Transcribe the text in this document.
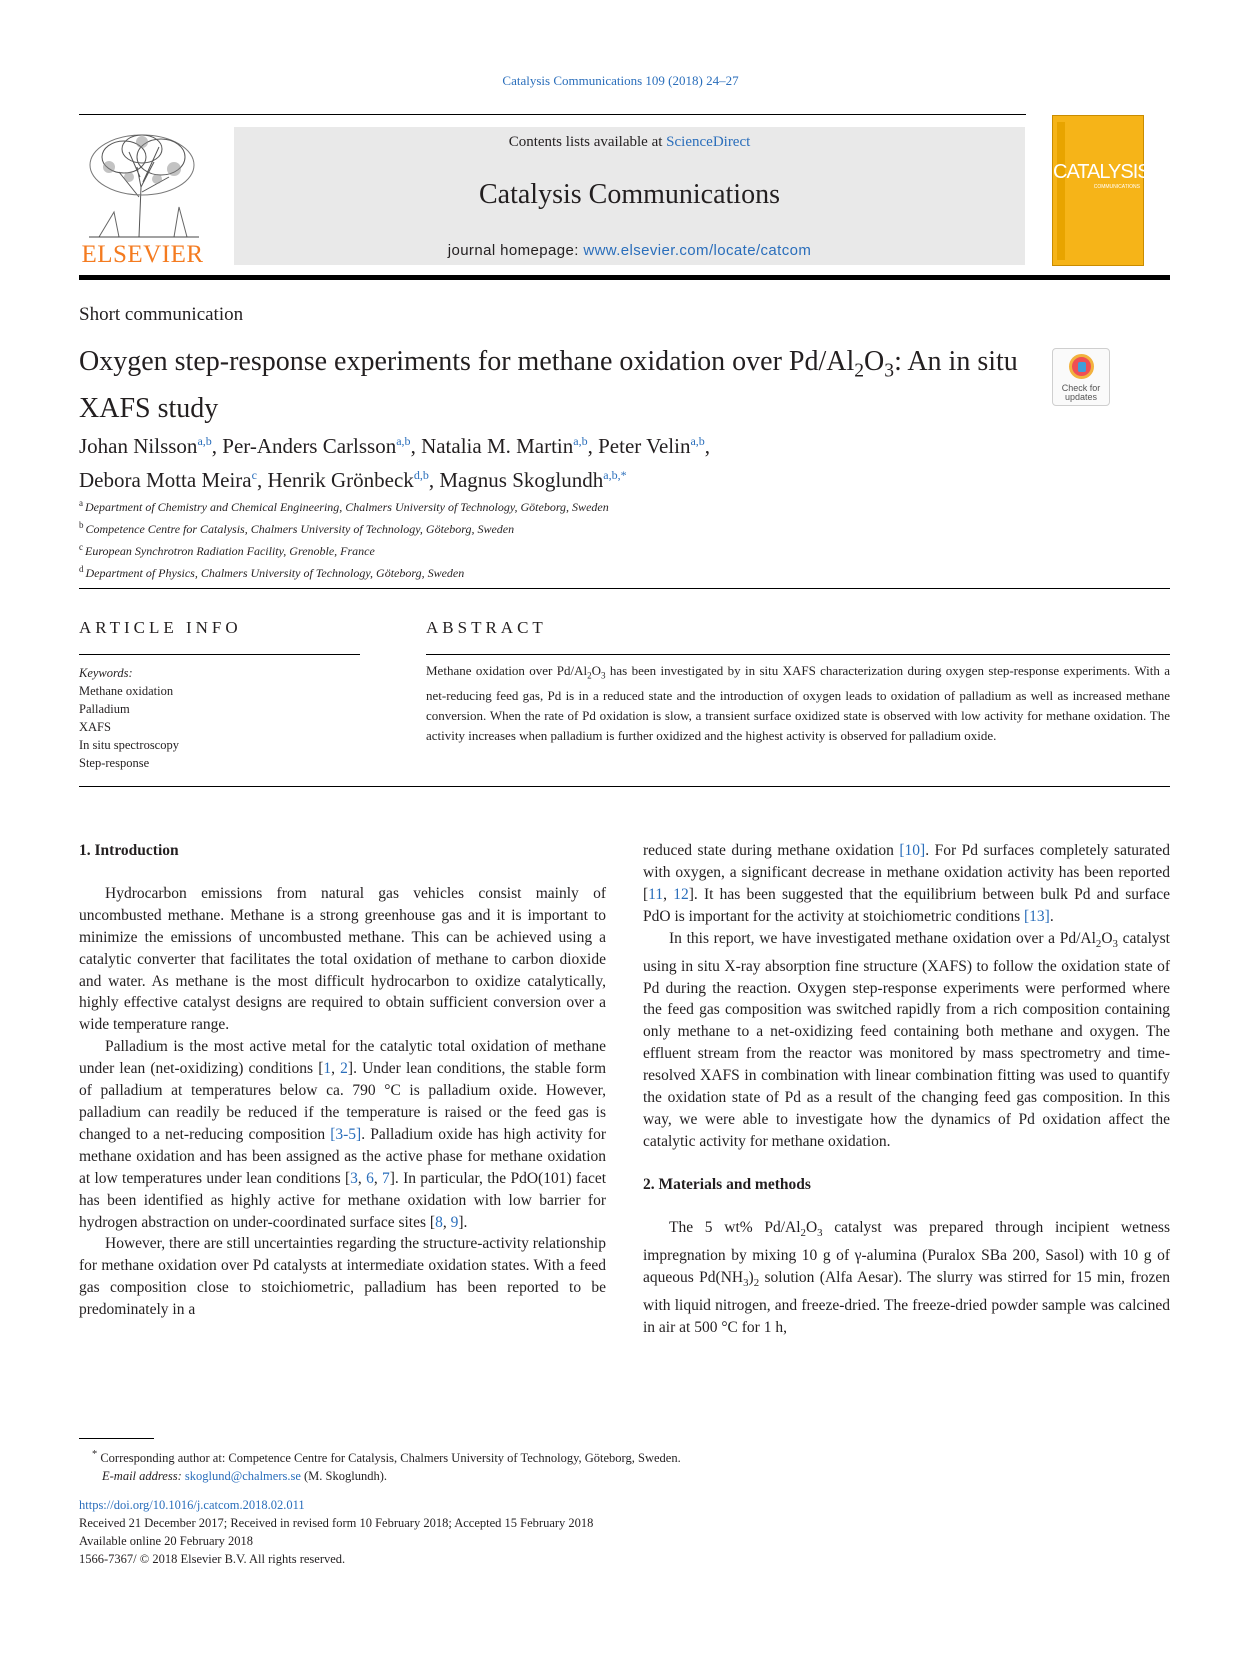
Catalysis Communications 109 (2018) 24–27
ELSEVIER
Contents lists available at ScienceDirect
Catalysis Communications
journal homepage: www.elsevier.com/locate/catcom
CATALYSIS
COMMUNICATIONS
Short communication
Oxygen step-response experiments for methane oxidation over $Pd/Al_2O_3$: An in situ XAFS study
Check for updates
Johan Nilsson$^{a,b}$, Per-Anders Carlsson$^{a,b}$, Natalia M. Martin$^{a,b}$, Peter Velin$^{a,b}$,
Debora Motta Meira$^c$, Henrik Grönbeck$^{d,b}$, Magnus Skoglundh$^{a,b,*}$
$^a$ Department of Chemistry and Chemical Engineering, Chalmers University of Technology, Göteborg, Sweden
$^b$ Competence Centre for Catalysis, Chalmers University of Technology, Göteborg, Sweden
$^c$ European Synchrotron Radiation Facility, Grenoble, France
$^d$ Department of Physics, Chalmers University of Technology, Göteborg, Sweden
ARTICLE INFO
Keywords:
Methane oxidation
Palladium
XAFS
In situ spectroscopy
Step-response
ABSTRACT
Methane oxidation over $Pd/Al_2O_3$ has been investigated by in situ XAFS characterization during oxygen step-response experiments. With a net-reducing feed gas, Pd is in a reduced state and the introduction of oxygen leads to oxidation of palladium as well as increased methane conversion. When the rate of Pd oxidation is slow, a transient surface oxidized state is observed with low activity for methane oxidation. The activity increases when palladium is further oxidized and the highest activity is observed for palladium oxide.
1. Introduction

Hydrocarbon emissions from natural gas vehicles consist mainly of uncombusted methane. Methane is a strong greenhouse gas and it is important to minimize the emissions of uncombusted methane. This can be achieved using a catalytic converter that facilitates the total oxidation of methane to carbon dioxide and water. As methane is the most difficult hydrocarbon to oxidize catalytically, highly effective catalyst designs are required to obtain sufficient conversion over a wide temperature range.

Palladium is the most active metal for the catalytic total oxidation of methane under lean (net-oxidizing) conditions [1, 2]. Under lean conditions, the stable form of palladium at temperatures below ca. 790 °C is palladium oxide. However, palladium can readily be reduced if the temperature is raised or the feed gas is changed to a net-reducing composition [3-5]. Palladium oxide has high activity for methane oxidation and has been assigned as the active phase for methane oxidation at low temperatures under lean conditions [3, 6, 7]. In particular, the PdO(101) facet has been identified as highly active for methane oxidation with low barrier for hydrogen abstraction on under-coordinated surface sites [8, 9].

However, there are still uncertainties regarding the structure-activity relationship for methane oxidation over Pd catalysts at intermediate oxidation states. With a feed gas composition close to stoichiometric, palladium has been reported to be predominately in a

reduced state during methane oxidation [10]. For Pd surfaces completely saturated with oxygen, a significant decrease in methane oxidation activity has been reported [11, 12]. It has been suggested that the equilibrium between bulk Pd and surface PdO is important for the activity at stoichiometric conditions [13].

In this report, we have investigated methane oxidation over a $Pd/Al_2O_3$ catalyst using in situ X-ray absorption fine structure (XAFS) to follow the oxidation state of Pd during the reaction. Oxygen step-response experiments were performed where the feed gas composition was switched rapidly from a rich composition containing only methane to a net-oxidizing feed containing both methane and oxygen. The effluent stream from the reactor was monitored by mass spectrometry and time-resolved XAFS in combination with linear combination fitting was used to quantify the oxidation state of Pd as a result of the changing feed gas composition. In this way, we were able to investigate how the dynamics of Pd oxidation affect the catalytic activity for methane oxidation.

2. Materials and methods

The 5 wt% $Pd/Al_2O_3$ catalyst was prepared through incipient wetness impregnation by mixing 10 g of γ-alumina (Puralox SBa 200, Sasol) with 10 g of aqueous $Pd(NH_3)_2$ solution (Alfa Aesar). The slurry was stirred for 15 min, frozen with liquid nitrogen, and freeze-dried. The freeze-dried powder sample was calcined in air at 500 °C for 1 h,

* Corresponding author at: Competence Centre for Catalysis, Chalmers University of Technology, Göteborg, Sweden.
E-mail address: skoglund@chalmers.se (M. Skoglundh).
https://doi.org/10.1016/j.catcom.2018.02.011
Received 21 December 2017; Received in revised form 10 February 2018; Accepted 15 February 2018
Available online 20 February 2018
1566-7367/ © 2018 Elsevier B.V. All rights reserved.
